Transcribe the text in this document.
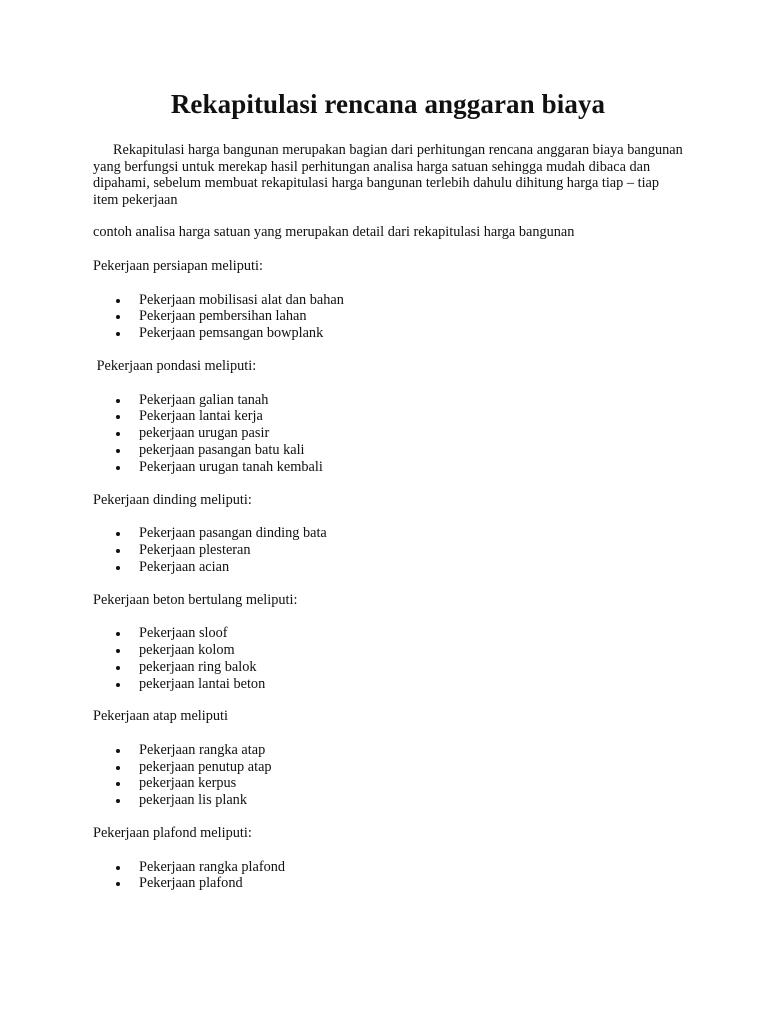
Rekapitulasi rencana anggaran biaya

Rekapitulasi harga bangunan merupakan bagian dari perhitungan rencana anggaran biaya bangunan yang berfungsi untuk merekap hasil perhitungan analisa harga satuan sehingga mudah dibaca dan dipahami, sebelum membuat rekapitulasi harga bangunan terlebih dahulu dihitung harga tiap – tiap item pekerjaan

contoh analisa harga satuan yang merupakan detail dari rekapitulasi harga bangunan

Pekerjaan persiapan meliputi:

Pekerjaan mobilisasi alat dan bahan
Pekerjaan pembersihan lahan
Pekerjaan pemsangan bowplank

Pekerjaan pondasi meliputi:

Pekerjaan galian tanah
Pekerjaan lantai kerja
pekerjaan urugan pasir
pekerjaan pasangan batu kali
Pekerjaan urugan tanah kembali

Pekerjaan dinding meliputi:

Pekerjaan pasangan dinding bata
Pekerjaan plesteran
Pekerjaan acian

Pekerjaan beton bertulang meliputi:

Pekerjaan sloof
pekerjaan kolom
pekerjaan ring balok
pekerjaan lantai beton

Pekerjaan atap meliputi

Pekerjaan rangka atap
pekerjaan penutup atap
pekerjaan kerpus
pekerjaan lis plank

Pekerjaan plafond meliputi:

Pekerjaan rangka plafond
Pekerjaan plafond
